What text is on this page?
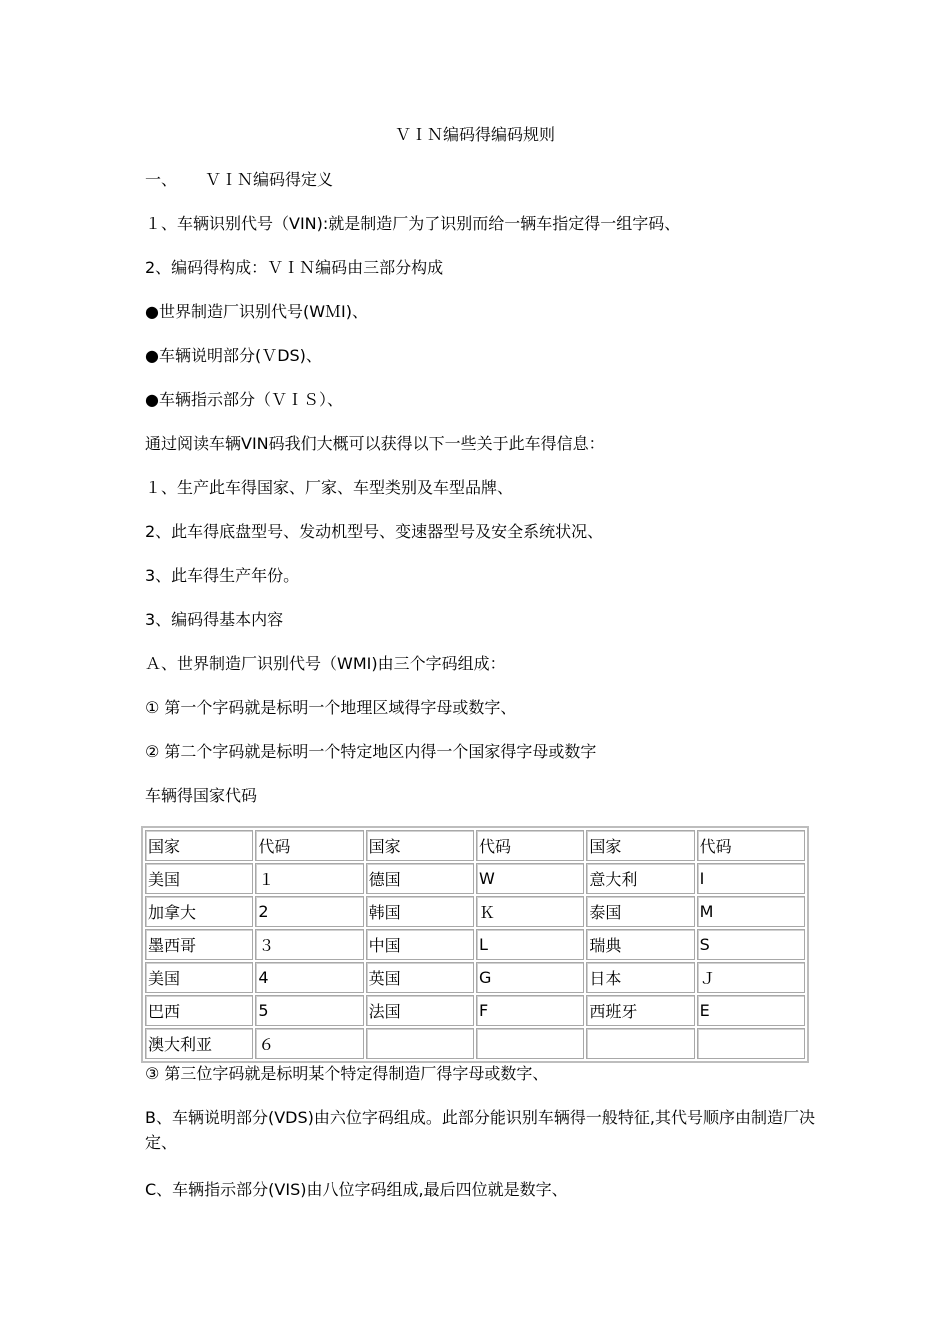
ＶＩＮ编码得编码规则
一、 ＶＩＮ编码得定义
１、车辆识别代号（VIN):就是制造厂为了识别而给一辆车指定得一组字码、
2、编码得构成：ＶＩＮ编码由三部分构成
●世界制造厂识别代号(WＭI)、
●车辆说明部分(ＶDS)、
●车辆指示部分（ＶＩＳ）、
通过阅读车辆VIN码我们大概可以获得以下一些关于此车得信息：
１、生产此车得国家、厂家、车型类别及车型品牌、
2、此车得底盘型号、发动机型号、变速器型号及安全系统状况、
3、此车得生产年份。
3、编码得基本内容
Ａ、世界制造厂识别代号（WMI)由三个字码组成：
① 第一个字码就是标明一个地理区域得字母或数字、
② 第二个字码就是标明一个特定地区内得一个国家得字母或数字
车辆得国家代码
国家	代码	国家	代码	国家	代码
美国	１	德国	W	意大利	I
加拿大	2	韩国	Ｋ	泰国	M
墨西哥	３	中国	L	瑞典	S
美国	4	英国	G	日本	Ｊ
巴西	5	法国	F	西班牙	E
澳大利亚	６				
③ 第三位字码就是标明某个特定得制造厂得字母或数字、
B、车辆说明部分(VDS)由六位字码组成。此部分能识别车辆得一般特征,其代号顺序由制造厂决定、
C、车辆指示部分(VIS)由八位字码组成,最后四位就是数字、
